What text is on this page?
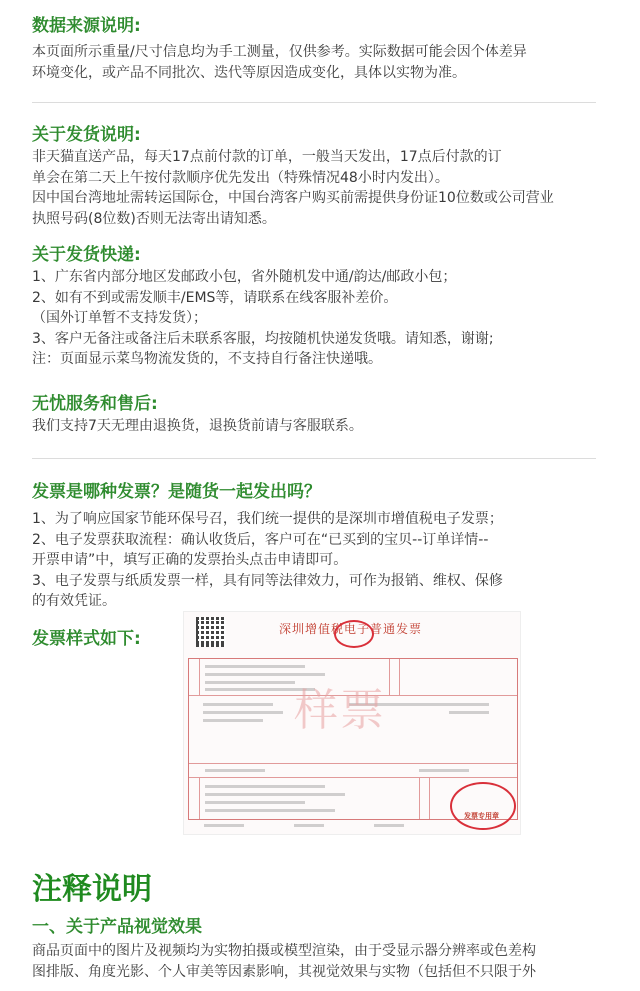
数据来源说明:
本页面所示重量/尺寸信息均为手工测量，仅供参考。实际数据可能会因个体差异
环境变化，或产品不同批次、迭代等原因造成变化，具体以实物为准。
关于发货说明:
非天猫直送产品，每天17点前付款的订单，一般当天发出，17点后付款的订
单会在第二天上午按付款顺序优先发出（特殊情况48小时内发出）。
因中国台湾地址需转运国际仓，中国台湾客户购买前需提供身份证10位数或公司营业
执照号码(8位数)否则无法寄出请知悉。
关于发货快递:
1、广东省内部分地区发邮政小包，省外随机发中通/韵达/邮政小包；
2、如有不到或需发顺丰/EMS等，请联系在线客服补差价。
（国外订单暂不支持发货）；
3、客户无备注或备注后未联系客服，均按随机快递发货哦。请知悉，谢谢;
注：页面显示菜鸟物流发货的，不支持自行备注快递哦。
无忧服务和售后:
我们支持7天无理由退换货，退换货前请与客服联系。
发票是哪种发票？是随货一起发出吗？
1、为了响应国家节能环保号召，我们统一提供的是深圳市增值税电子发票；
2、电子发票获取流程：确认收货后，客户可在“已买到的宝贝--订单详情--
开票申请”中，填写正确的发票抬头点击申请即可。
3、电子发票与纸质发票一样，具有同等法律效力，可作为报销、维权、保修
的有效凭证。
发票样式如下:	深圳增值税电子普通发票
样票
发票专用章
注释说明
一、关于产品视觉效果
商品页面中的图片及视频均为实物拍摄或模型渲染，由于受显示器分辨率或色差构
图排版、角度光影、个人审美等因素影响，其视觉效果与实物（包括但不只限于外
